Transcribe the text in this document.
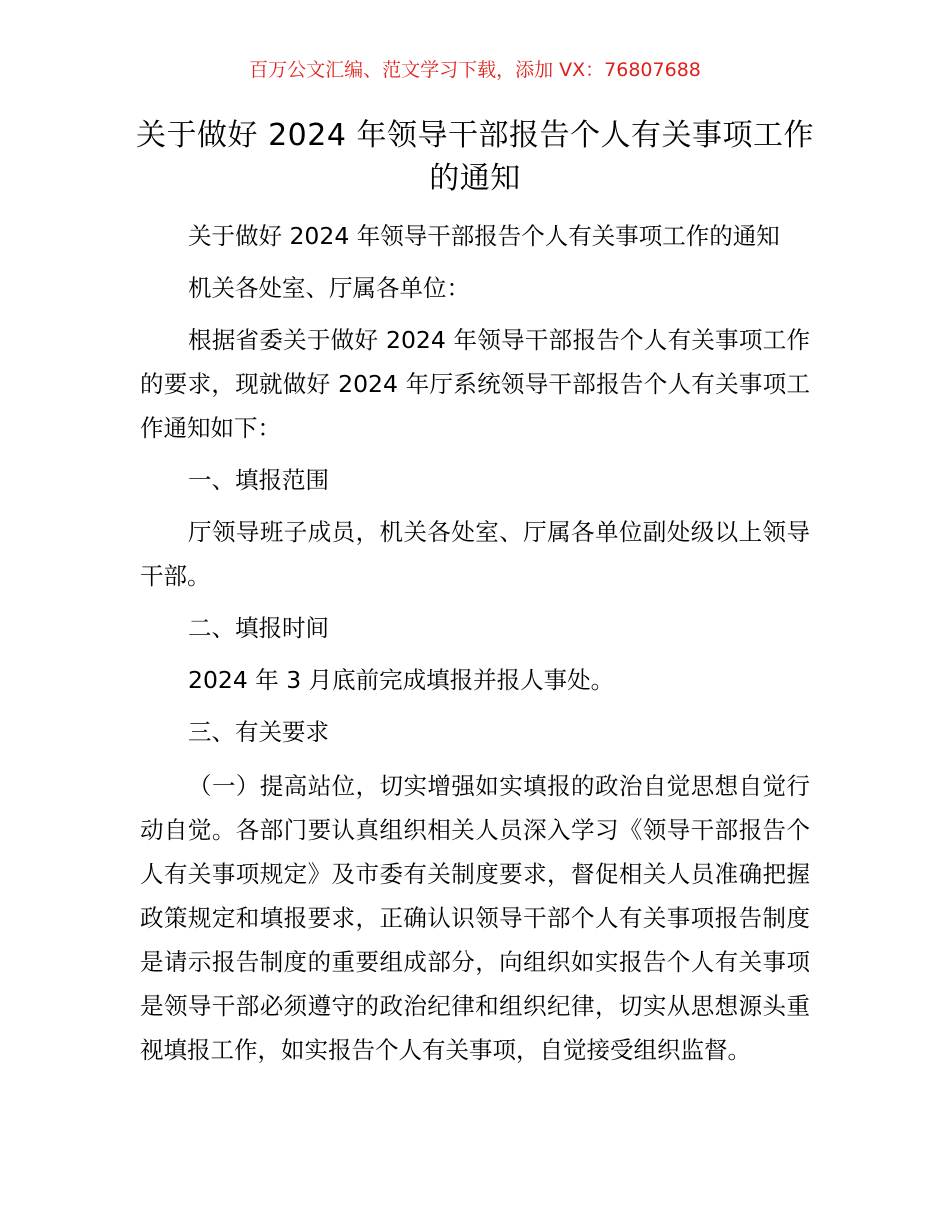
百万公文汇编、范文学习下载，添加 VX：76807688
关于做好 2024 年领导干部报告个人有关事项工作的通知

关于做好 2024 年领导干部报告个人有关事项工作的通知

机关各处室、厅属各单位：

根据省委关于做好 2024 年领导干部报告个人有关事项工作的要求，现就做好 2024 年厅系统领导干部报告个人有关事项工作通知如下：

一、填报范围

厅领导班子成员，机关各处室、厅属各单位副处级以上领导干部。

二、填报时间

2024 年 3 月底前完成填报并报人事处。

三、有关要求

（一）提高站位，切实增强如实填报的政治自觉思想自觉行动自觉。各部门要认真组织相关人员深入学习《领导干部报告个人有关事项规定》及市委有关制度要求，督促相关人员准确把握政策规定和填报要求，正确认识领导干部个人有关事项报告制度是请示报告制度的重要组成部分，向组织如实报告个人有关事项是领导干部必须遵守的政治纪律和组织纪律，切实从思想源头重视填报工作，如实报告个人有关事项，自觉接受组织监督。
